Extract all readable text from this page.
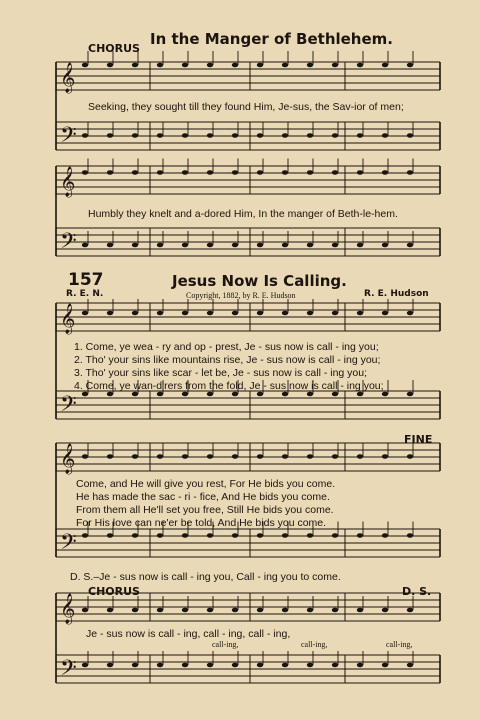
𝄞
𝄢
𝄞
𝄢
𝄞
𝄢
𝄞
𝄢
𝄞
𝄢
In the Manger of Bethlehem.
CHORUS
Seeking, they sought till they found Him, Je-sus, the Sav-ior of men;
Humbly they knelt and a-dored Him, In the manger of Beth-le-hem.
157	Jesus Now Is Calling.
R. E. N.	Copyright, 1882, by R. E. Hudson	R. E. Hudson
1. Come, ye wea - ry and op - prest, Je - sus now is call - ing you;
2. Tho' your sins like mountains rise, Je - sus now is call - ing you;
3. Tho' your sins like scar - let be, Je - sus now is call - ing you;
4. Come, ye wan-d'rers from the fold, Je - sus now is call - ing you;
Come, and He will give you rest, For He bids you come.
He has made the sac - ri - fice, And He bids you come.
From them all He'll set you free, Still He bids you come.
For His love can ne'er be told, And He bids you come.
FINE
D. S.–Je - sus now is call - ing you, Call - ing you to come.
CHORUS	D. S.
Je - sus now is call - ing, call - ing, call - ing,
call-ing,	call-ing,	call-ing,
